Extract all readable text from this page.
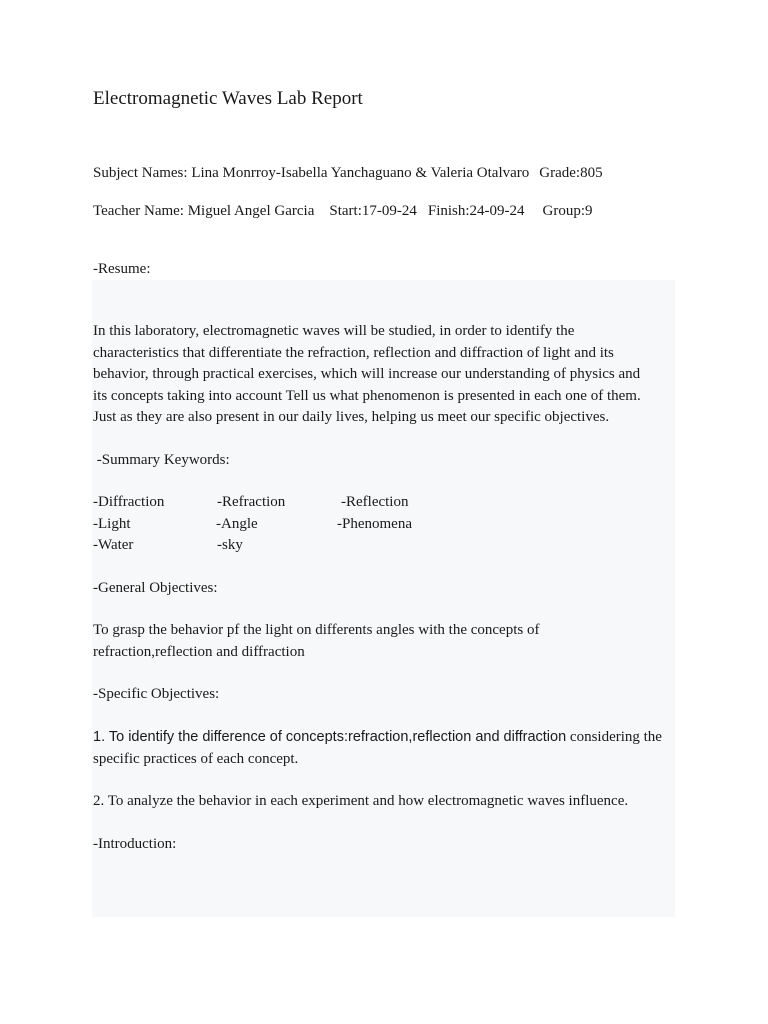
Electromagnetic Waves Lab Report
Subject Names: Lina Monrroy-Isabella Yanchaguano & Valeria Otalvaro Grade:805
Teacher Name: Miguel Angel Garcia Start:17-09-24 Finish:24-09-24 Group:9
-Resume:
In this laboratory, electromagnetic waves will be studied, in order to identify the
characteristics that differentiate the refraction, reflection and diffraction of light and its
behavior, through practical exercises, which will increase our understanding of physics and
its concepts taking into account Tell us what phenomenon is presented in each one of them.
Just as they are also present in our daily lives, helping us meet our specific objectives.
-Summary Keywords:
-Diffraction	-Refraction	-Reflection
-Light	-Angle	-Phenomena
-Water	-sky
-General Objectives:
To grasp the behavior pf the light on differents angles with the concepts of
refraction,reflection and diffraction
-Specific Objectives:
1. To identify the difference of concepts:refraction,reflection and diffraction considering the
specific practices of each concept.
2. To analyze the behavior in each experiment and how electromagnetic waves influence.
-Introduction:
